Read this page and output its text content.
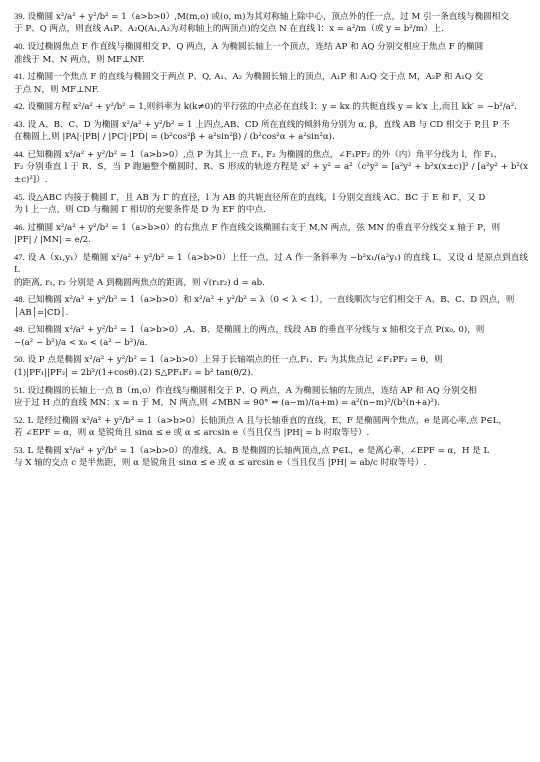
39. 设椭圆 x²/a² + y²/b² = 1（a>b>0）,M(m,o) 或(o, m)为其对称轴上除中心，顶点外的任一点，过 M 引一条直线与椭圆相交

于 P、Q 两点，则直线 A₁P、A₂Q(A₁,A₂为对称轴上的两顶点)的交点 N 在直线 l：x = a²/m（或 y = b²/m）上.

40. 设过椭圆焦点 F 作直线与椭圆相交 P、Q 两点，A 为椭圆长轴上一个顶点，连结 AP 和 AQ 分别交相应于焦点 F 的椭圆

准线于 M、N 两点，则 MF⊥NF.

41. 过椭圆一个焦点 F 的直线与椭圆交于两点 P、Q, A₁、A₂ 为椭圆长轴上的顶点，A₁P 和 A₂Q 交于点 M，A₂P 和 A₁Q 交

于点 N，则 MF⊥NF.

42. 设椭圆方程 x²/a² + y²/b² = 1,则斜率为 k(k≠0)的平行弦的中点必在直线 l：y = kx 的共轭直线 y = k′x 上,而且 kk′ = −b²/a².

43. 设 A、B、C、D 为椭圆 x²/a² + y²/b² = 1 上四点,AB、CD 所在直线的倾斜角分别为 α, β，直线 AB 与 CD 相交于 P,且 P 不

在椭圆上,则 |PA|·|PB| / |PC|·|PD| = (b²cos²β + a²sin²β) / (b²cos²α + a²sin²α).

44. 已知椭圆 x²/a² + y²/b² = 1（a>b>0）,点 P 为其上一点 F₁, F₂ 为椭圆的焦点，∠F₁PF₂ 的外（内）角平分线为 l，作 F₁、

F₂ 分别垂直 l 于 R、S，当 P 跑遍整个椭圆时，R、S 形成的轨迹方程是 x² + y² = a²（c²y² = [a²y² + b²x(x±c)]² / [a²y² + b²(x±c)²]）.

45. 设△ABC 内接于椭圆 Γ，且 AB 为 Γ 的直径，l 为 AB 的共轭直径所在的直线，l 分别交直线 AC、BC 于 E 和 F，又 D

为 l 上一点，则 CD 与椭圆 Γ 相切的充要条件是 D 为 EF 的中点.

46. 过椭圆 x²/a² + y²/b² = 1（a>b>0）的右焦点 F 作直线交该椭圆右支于 M,N 两点，弦 MN 的垂直平分线交 x 轴于 P，则

|PF| / |MN| = e/2.

47. 设 A（x₁,y₁）是椭圆 x²/a² + y²/b² = 1（a>b>0）上任一点，过 A 作一条斜率为 −b²x₁/(a²y₁) 的直线 L，又设 d 是原点到直线 L

的距离, r₁, r₂ 分别是 A 到椭圆两焦点的距离，则 √(r₁r₂) d = ab.

48. 已知椭圆 x²/a² + y²/b² = 1（a>b>0）和 x²/a² + y²/b² = λ（0 < λ < 1），一直线顺次与它们相交于 A、B、C、D 四点，则

│AB│=|CD│.

49. 已知椭圆 x²/a² + y²/b² = 1（a>b>0）,A、B、是椭圆上的两点，线段 AB 的垂直平分线与 x 轴相交于点 P(x₀, 0)，则

−(a² − b²)/a < x₀ < (a² − b²)/a.

50. 设 P 点是椭圆 x²/a² + y²/b² = 1（a>b>0）上异于长轴端点的任一点,F₁、F₂ 为其焦点记 ∠F₁PF₂ = θ，则

(1)|PF₁||PF₂| = 2b²/(1+cosθ).(2) S△PF₁F₂ = b² tan(θ/2).

51. 设过椭圆的长轴上一点 B（m,o）作直线与椭圆相交于 P、Q 两点，A 为椭圆长轴的左顶点，连结 AP 和 AQ 分别交相

应于过 H 点的直线 MN：x = n 于 M，N 两点,则 ∠MBN = 90° ⇔ (a−m)/(a+m) = a²(n−m)²/(b²(n+a)²).

52. L 是经过椭圆 x²/a² + y²/b² = 1（a>b>0）长轴顶点 A 且与长轴垂直的直线，E、F 是椭圆两个焦点，e 是离心率,点 P∈L，

若 ∠EPF = α，则 α 是锐角且 sinα ≤ e 或 α ≤ arcsin e（当且仅当 |PH| = b 时取等号）.

53. L 是椭圆 x²/a² + y²/b² = 1（a>b>0）的准线，A、B 是椭圆的长轴两顶点,点 P∈L，e 是离心率，∠EPF = α，H 是 L

与 X 轴的交点 c 是半焦距，则 α 是锐角且 sinα ≤ e 或 α ≤ arcsin e（当且仅当 |PH| = ab/c 时取等号）.
